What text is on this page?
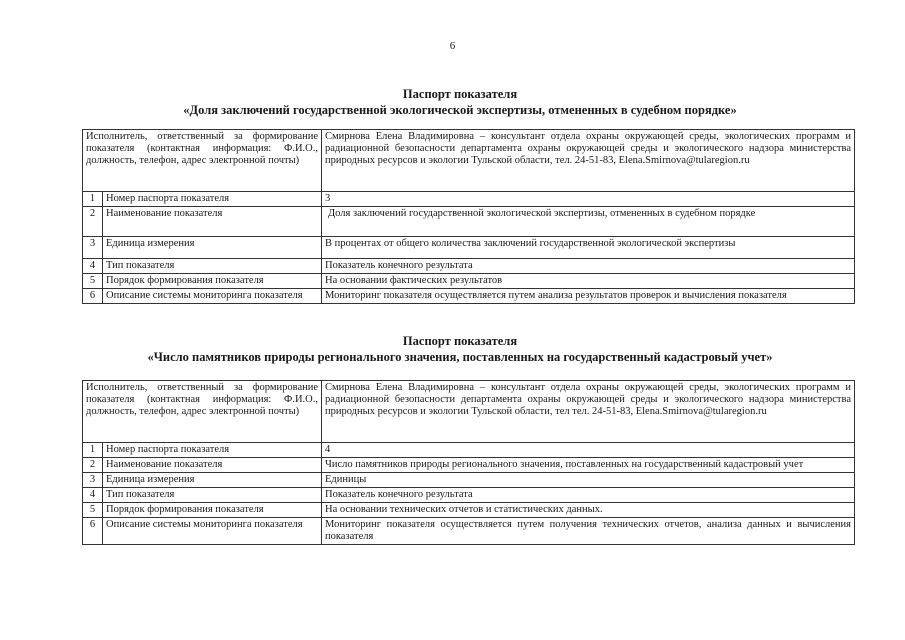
6
Паспорт показателя
«Доля заключений государственной экологической экспертизы, отмененных в судебном порядке»
Исполнитель, ответственный за формирование показателя (контактная информация: Ф.И.О., должность, телефон, адрес электронной почты)		Смирнова Елена Владимировна – консультант отдела охраны окружающей среды, экологических программ и радиационной безопасности департамента охраны окружающей среды и экологического надзора министерства природных ресурсов и экологии Тульской области, тел. 24-51-83, Elena.Smirnova@tularegion.ru
1	Номер паспорта показателя	3
2	Наименование показателя	Доля заключений государственной экологической экспертизы, отмененных в судебном порядке
3	Единица измерения	В процентах от общего количества заключений государственной экологической экспертизы
4	Тип показателя	Показатель конечного результата
5	Порядок формирования показателя	На основании фактических результатов
6	Описание системы мониторинга показателя	Мониторинг показателя осуществляется путем анализа результатов проверок и вычисления показателя
Паспорт показателя
«Число памятников природы регионального значения, поставленных на государственный кадастровый учет»
Исполнитель, ответственный за формирование показателя (контактная информация: Ф.И.О., должность, телефон, адрес электронной почты)		Смирнова Елена Владимировна – консультант отдела охраны окружающей среды, экологических программ и радиационной безопасности департамента охраны окружающей среды и экологического надзора министерства природных ресурсов и экологии Тульской области, тел тел. 24-51-83, Elena.Smirnova@tularegion.ru
1	Номер паспорта показателя	4
2	Наименование показателя	Число памятников природы регионального значения, поставленных на государственный кадастровый учет
3	Единица измерения	Единицы
4	Тип показателя	Показатель конечного результата
5	Порядок формирования показателя	На основании технических отчетов и статистических данных.
6	Описание системы мониторинга показателя	Мониторинг показателя осуществляется путем получения технических отчетов, анализа данных и вычисления показателя
